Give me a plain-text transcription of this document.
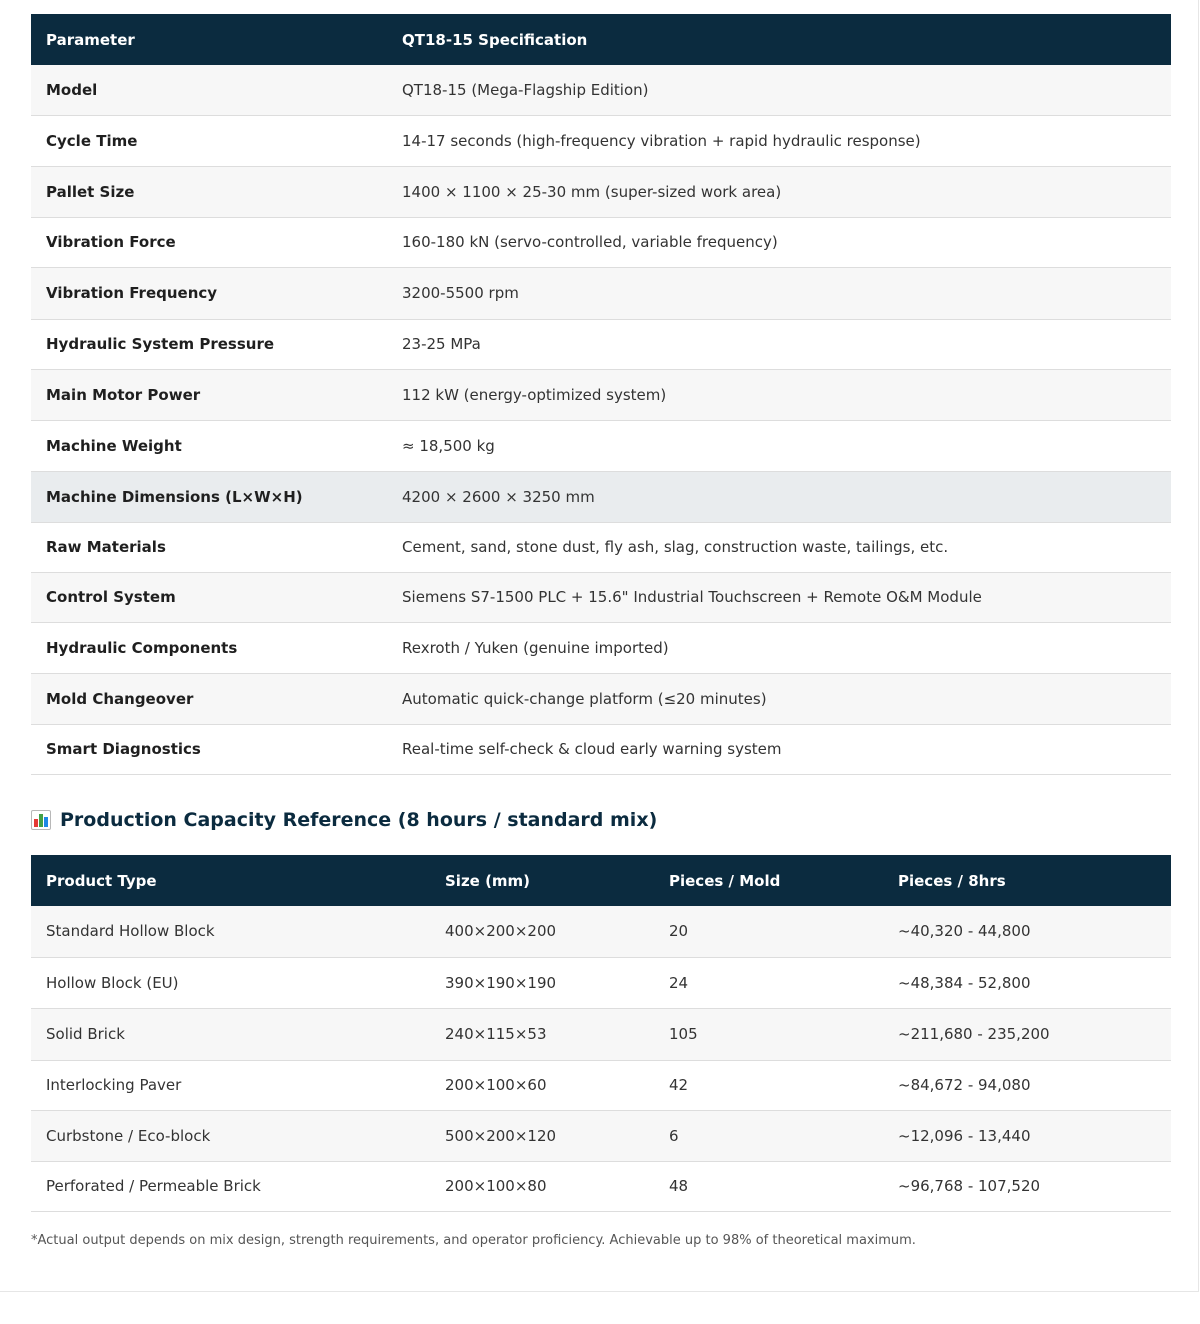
Parameter	QT18-15 Specification
Model	QT18-15 (Mega-Flagship Edition)
Cycle Time	14-17 seconds (high-frequency vibration + rapid hydraulic response)
Pallet Size	1400 × 1100 × 25-30 mm (super-sized work area)
Vibration Force	160-180 kN (servo-controlled, variable frequency)
Vibration Frequency	3200-5500 rpm
Hydraulic System Pressure	23-25 MPa
Main Motor Power	112 kW (energy-optimized system)
Machine Weight	≈ 18,500 kg
Machine Dimensions (L×W×H)	4200 × 2600 × 3250 mm
Raw Materials	Cement, sand, stone dust, fly ash, slag, construction waste, tailings, etc.
Control System	Siemens S7-1500 PLC + 15.6" Industrial Touchscreen + Remote O&M Module
Hydraulic Components	Rexroth / Yuken (genuine imported)
Mold Changeover	Automatic quick-change platform (≤20 minutes)
Smart Diagnostics	Real-time self-check & cloud early warning system
Production Capacity Reference (8 hours / standard mix)
Product Type	Size (mm)	Pieces / Mold	Pieces / 8hrs
Standard Hollow Block	400×200×200	20	~40,320 - 44,800
Hollow Block (EU)	390×190×190	24	~48,384 - 52,800
Solid Brick	240×115×53	105	~211,680 - 235,200
Interlocking Paver	200×100×60	42	~84,672 - 94,080
Curbstone / Eco-block	500×200×120	6	~12,096 - 13,440
Perforated / Permeable Brick	200×100×80	48	~96,768 - 107,520

*Actual output depends on mix design, strength requirements, and operator proficiency. Achievable up to 98% of theoretical maximum.
